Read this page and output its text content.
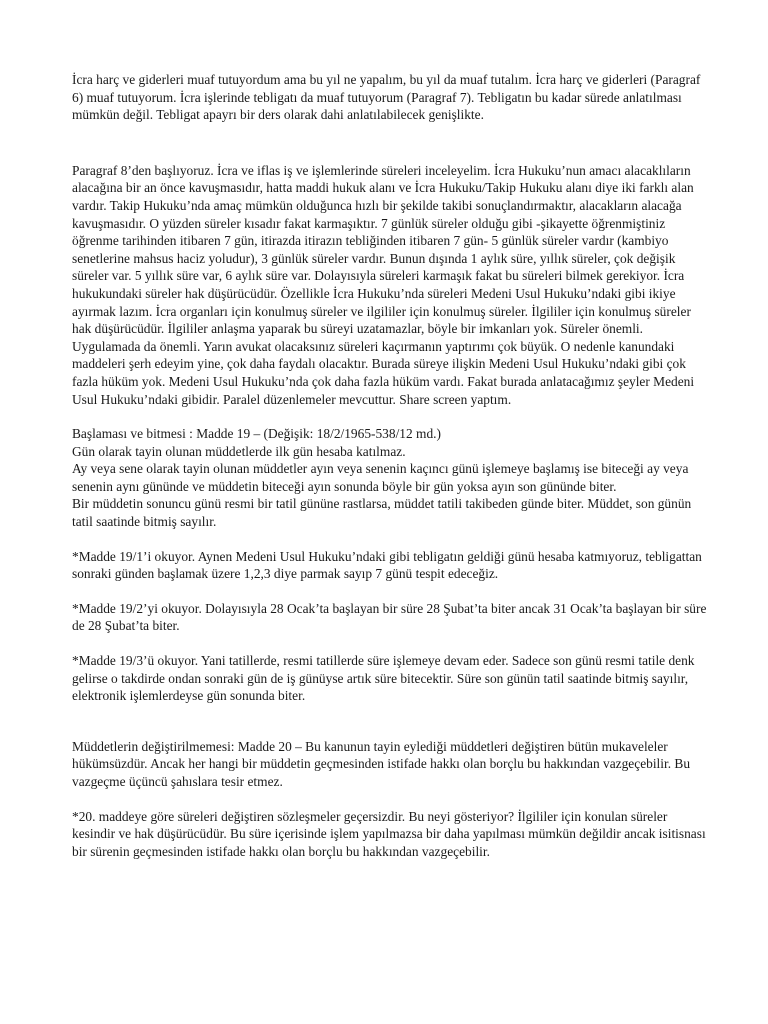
İcra harç ve giderleri muaf tutuyordum ama bu yıl ne yapalım, bu yıl da muaf tutalım. İcra harç ve giderleri (Paragraf 6) muaf tutuyorum. İcra işlerinde tebligatı da muaf tutuyorum (Paragraf 7). Tebligatın bu kadar sürede anlatılması mümkün değil. Tebligat apayrı bir ders olarak dahi anlatılabilecek genişlikte.

Paragraf 8’den başlıyoruz. İcra ve iflas iş ve işlemlerinde süreleri inceleyelim. İcra Hukuku’nun amacı alacaklıların alacağına bir an önce kavuşmasıdır, hatta maddi hukuk alanı ve İcra Hukuku/Takip Hukuku alanı diye iki farklı alan vardır. Takip Hukuku’nda amaç mümkün olduğunca hızlı bir şekilde takibi sonuçlandırmaktır, alacakların alacağa kavuşmasıdır. O yüzden süreler kısadır fakat karmaşıktır. 7 günlük süreler olduğu gibi -şikayette öğrenmiştiniz öğrenme tarihinden itibaren 7 gün, itirazda itirazın tebliğinden itibaren 7 gün- 5 günlük süreler vardır (kambiyo senetlerine mahsus haciz yoludur), 3 günlük süreler vardır. Bunun dışında 1 aylık süre, yıllık süreler, çok değişik süreler var. 5 yıllık süre var, 6 aylık süre var. Dolayısıyla süreleri karmaşık fakat bu süreleri bilmek gerekiyor. İcra hukukundaki süreler hak düşürücüdür. Özellikle İcra Hukuku’nda süreleri Medeni Usul Hukuku’ndaki gibi ikiye ayırmak lazım. İcra organları için konulmuş süreler ve ilgililer için konulmuş süreler. İlgililer için konulmuş süreler hak düşürücüdür. İlgililer anlaşma yaparak bu süreyi uzatamazlar, böyle bir imkanları yok. Süreler önemli. Uygulamada da önemli. Yarın avukat olacaksınız süreleri kaçırmanın yaptırımı çok büyük. O nedenle kanundaki maddeleri şerh edeyim yine, çok daha faydalı olacaktır. Burada süreye ilişkin Medeni Usul Hukuku’ndaki gibi çok fazla hüküm yok. Medeni Usul Hukuku’nda çok daha fazla hüküm vardı. Fakat burada anlatacağımız şeyler Medeni Usul Hukuku’ndaki gibidir. Paralel düzenlemeler mevcuttur. Share screen yaptım.

Başlaması ve bitmesi : Madde 19 – (Değişik: 18/2/1965-538/12 md.)

Gün olarak tayin olunan müddetlerde ilk gün hesaba katılmaz.

Ay veya sene olarak tayin olunan müddetler ayın veya senenin kaçıncı günü işlemeye başlamış ise biteceği ay veya senenin aynı gününde ve müddetin biteceği ayın sonunda böyle bir gün yoksa ayın son gününde biter.

Bir müddetin sonuncu günü resmi bir tatil gününe rastlarsa, müddet tatili takibeden günde biter. Müddet, son günün tatil saatinde bitmiş sayılır.

*Madde 19/1’i okuyor. Aynen Medeni Usul Hukuku’ndaki gibi tebligatın geldiği günü hesaba katmıyoruz, tebligattan sonraki günden başlamak üzere 1,2,3 diye parmak sayıp 7 günü tespit edeceğiz.

*Madde 19/2’yi okuyor. Dolayısıyla 28 Ocak’ta başlayan bir süre 28 Şubat’ta biter ancak 31 Ocak’ta başlayan bir süre de 28 Şubat’ta biter.

*Madde 19/3’ü okuyor. Yani tatillerde, resmi tatillerde süre işlemeye devam eder. Sadece son günü resmi tatile denk gelirse o takdirde ondan sonraki gün de iş günüyse artık süre bitecektir. Süre son günün tatil saatinde bitmiş sayılır, elektronik işlemlerdeyse gün sonunda biter.

Müddetlerin değiştirilmemesi: Madde 20 – Bu kanunun tayin eylediği müddetleri değiştiren bütün mukaveleler hükümsüzdür. Ancak her hangi bir müddetin geçmesinden istifade hakkı olan borçlu bu hakkından vazgeçebilir. Bu vazgeçme üçüncü şahıslara tesir etmez.

*20. maddeye göre süreleri değiştiren sözleşmeler geçersizdir. Bu neyi gösteriyor? İlgililer için konulan süreler kesindir ve hak düşürücüdür. Bu süre içerisinde işlem yapılmazsa bir daha yapılması mümkün değildir ancak isitisnası bir sürenin geçmesinden istifade hakkı olan borçlu bu hakkından vazgeçebilir.
